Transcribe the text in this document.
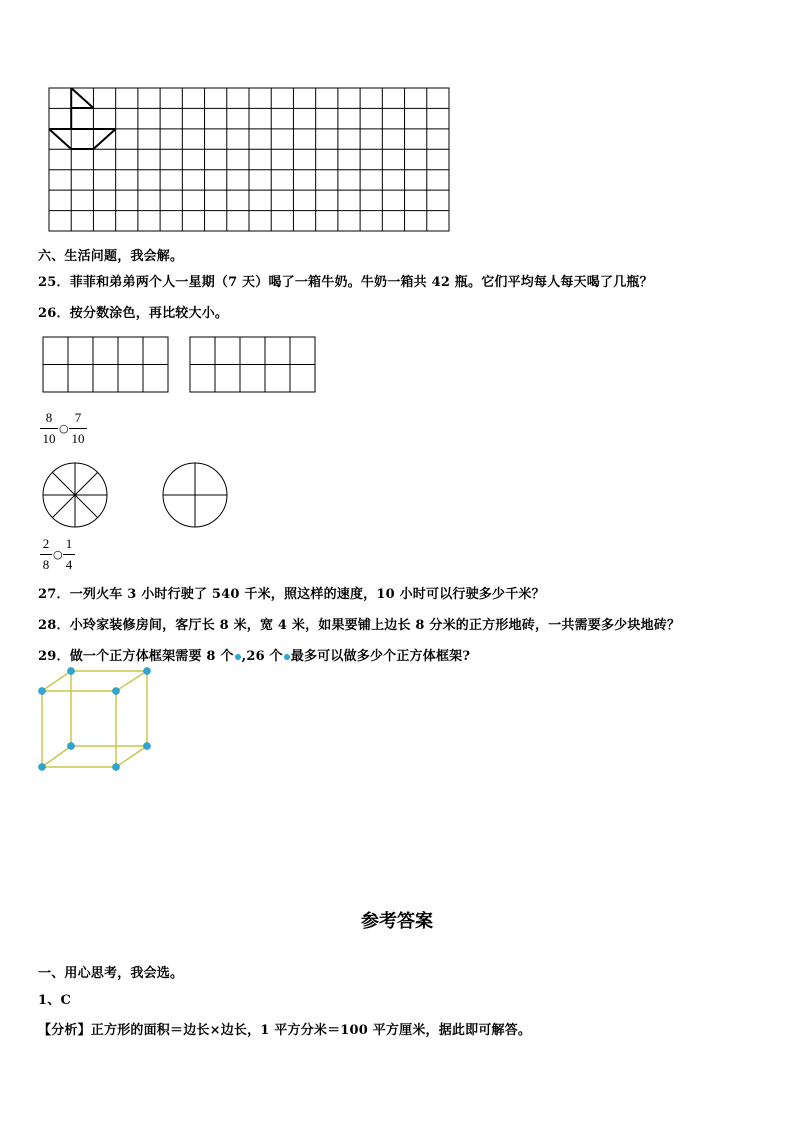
六、生活问题，我会解。
25．菲菲和弟弟两个人一星期（7 天）喝了一箱牛奶。牛奶一箱共 42 瓶。它们平均每人每天喝了几瓶？
26．按分数涂色，再比较大小。
8
10
○
7
10
2
8
○
1
4
27．一列火车 3 小时行驶了 540 千米，照这样的速度，10 小时可以行驶多少千米？
28．小玲家装修房间，客厅长 8 米，宽 4 米，如果要铺上边长 8 分米的正方形地砖，一共需要多少块地砖？
29．做一个正方体框架需要 8 个 ,26 个 最多可以做多少个正方体框架?
参考答案
一、用心思考，我会选。
1、C
【分析】正方形的面积＝边长×边长，1 平方分米＝100 平方厘米，据此即可解答。
